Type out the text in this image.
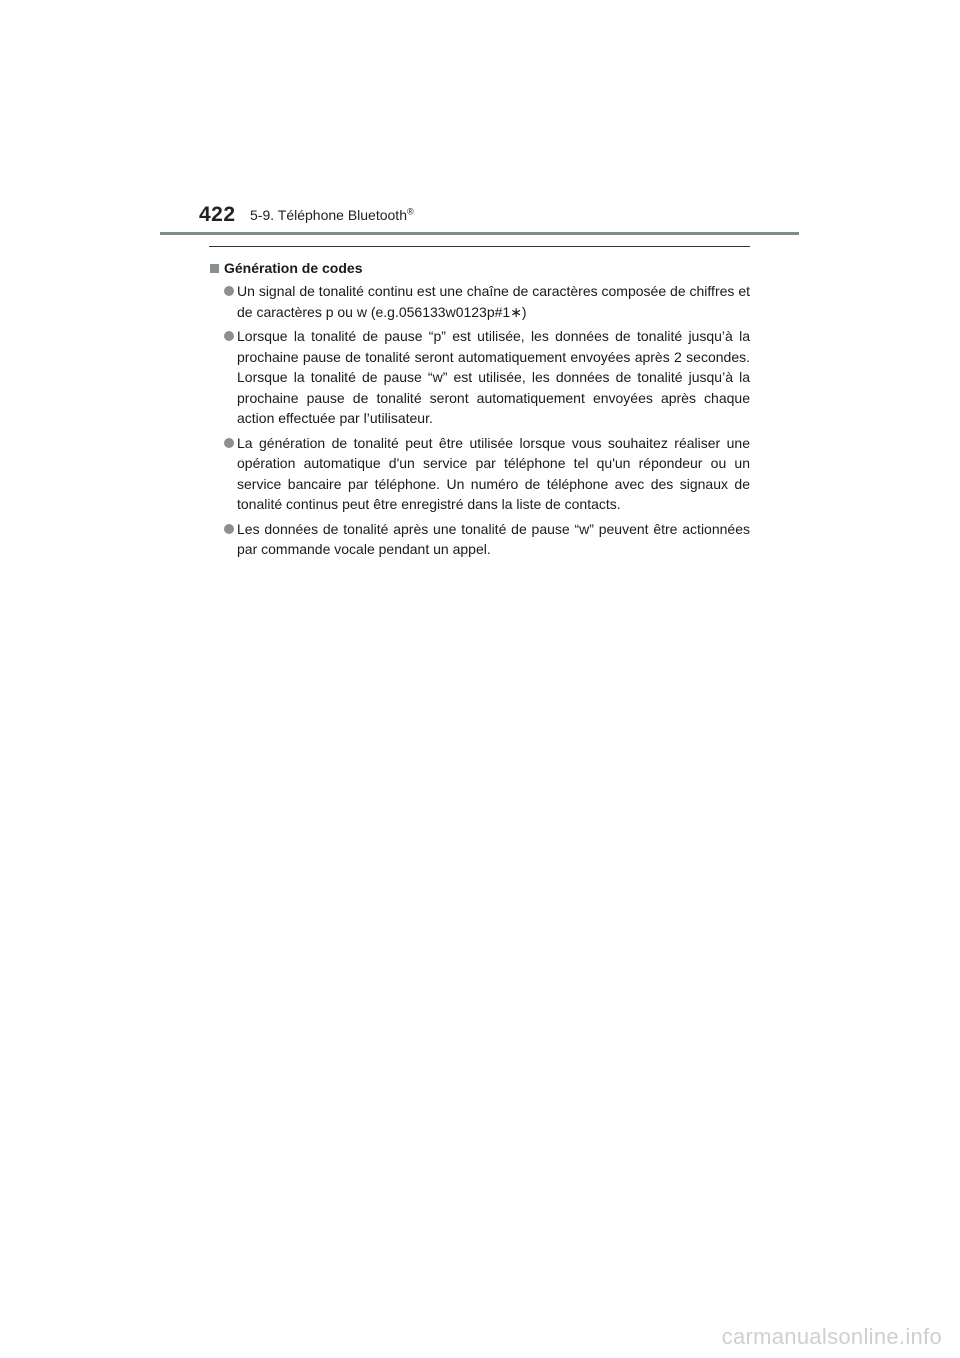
422 5-9. Téléphone Bluetooth®
Génération de codes
Un signal de tonalité continu est une chaîne de caractères composée de chiffres et de caractères p ou w (e.g.056133w0123p#1∗)
Lorsque la tonalité de pause “p” est utilisée, les données de tonalité jusqu’à la prochaine pause de tonalité seront automatiquement envoyées après 2 secondes. Lorsque la tonalité de pause “w” est utilisée, les données de tonalité jusqu’à la prochaine pause de tonalité seront automatiquement envoyées après chaque action effectuée par l’utilisateur.
La génération de tonalité peut être utilisée lorsque vous souhaitez réaliser une opération automatique d'un service par téléphone tel qu'un répondeur ou un service bancaire par téléphone. Un numéro de téléphone avec des signaux de tonalité continus peut être enregistré dans la liste de contacts.
Les données de tonalité après une tonalité de pause “w” peuvent être actionnées par commande vocale pendant un appel.
carmanualsonline.info
